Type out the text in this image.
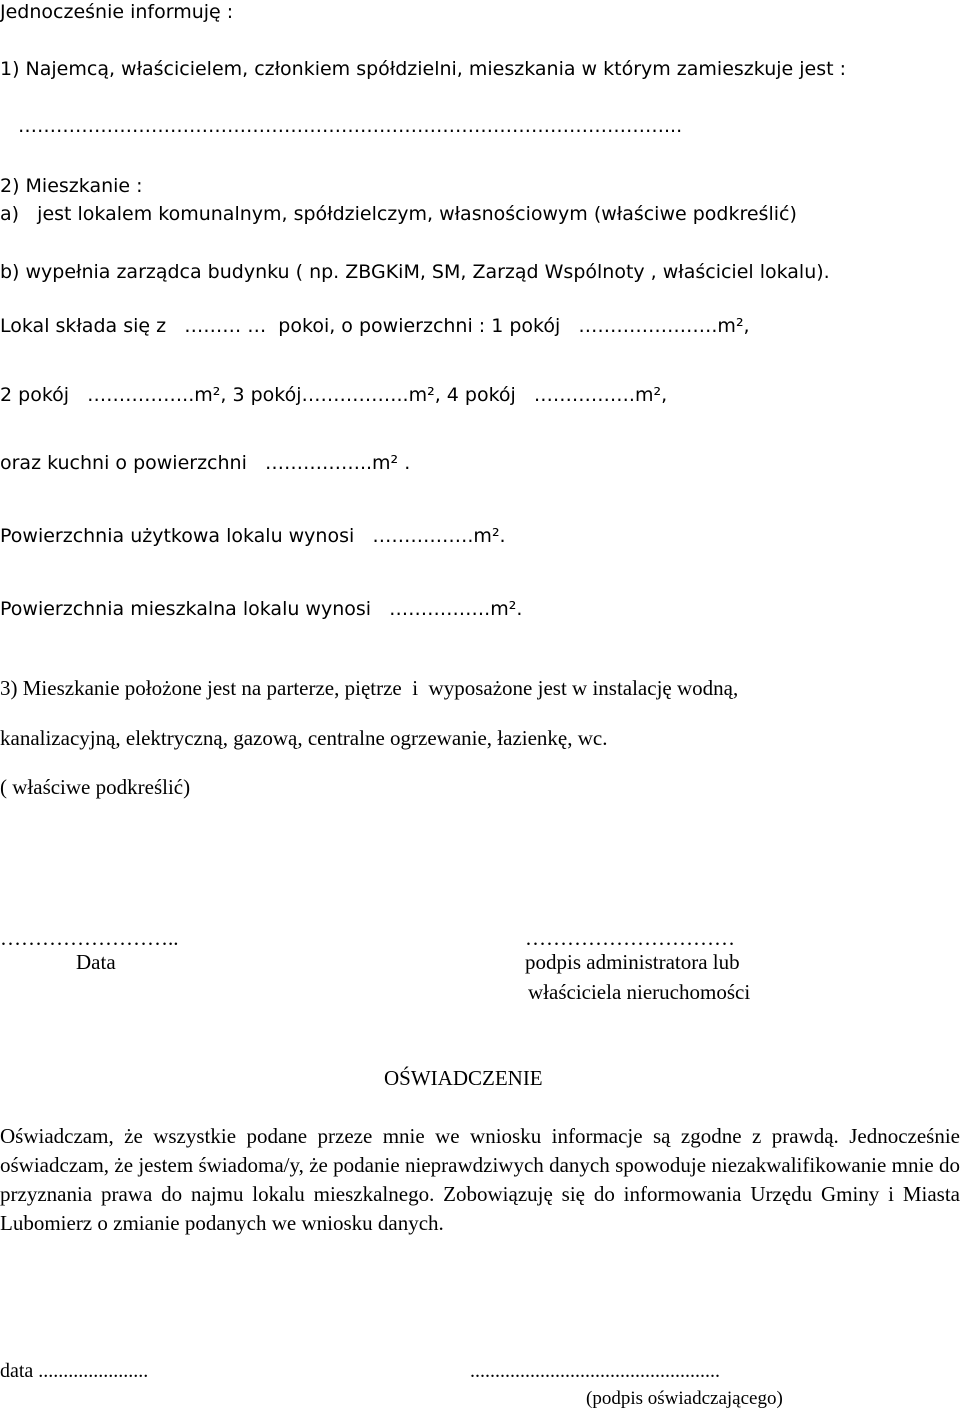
Jednocześnie informuję :
1) Najemcą, właścicielem, członkiem spółdzielni, mieszkania w którym zamieszkuje jest :
…………………………………………………………………………………………...
2) Mieszkanie :
a)   jest lokalem komunalnym, spółdzielczym, własnościowym (właściwe podkreślić)
b) wypełnia zarządca budynku ( np. ZBGKiM, SM, Zarząd Wspólnoty , właściciel lokalu).
Lokal składa się z   ……… …  pokoi, o powierzchni : 1 pokój   ………………….m²,
2 pokój   ……………..m², 3 pokój……………..m², 4 pokój   …………….m²,
oraz kuchni o powierzchni   ……………..m² .
Powierzchnia użytkowa lokalu wynosi   …………….m².
Powierzchnia mieszkalna lokalu wynosi   …………….m².
3) Mieszkanie położone jest na parterze, piętrze  i  wyposażone jest w instalację wodną,
kanalizacyjną, elektryczną, gazową, centralne ogrzewanie, łazienkę, wc.
( właściwe podkreślić)
……………………..
Data
…………………………
podpis administratora lub
właściciela nieruchomości
OŚWIADCZENIE
Oświadczam, że wszystkie podane przeze mnie we wniosku informacje są zgodne z prawdą. Jednocześnie oświadczam, że jestem świadoma/y, że podanie nieprawdziwych danych spowoduje niezakwalifikowanie mnie do przyznania prawa do najmu lokalu mieszkalnego. Zobowiązuję się do informowania Urzędu Gminy i Miasta Lubomierz o zmianie podanych we wniosku danych.
data ......................	..................................................
(podpis oświadczającego)
